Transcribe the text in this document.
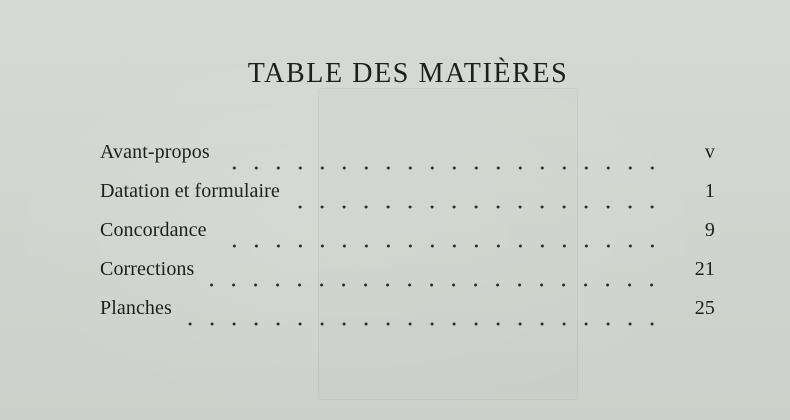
TABLE DES MATIÈRES
Avant-propos	v
Datation et formulaire	1
Concordance	9
Corrections	21
Planches	25
